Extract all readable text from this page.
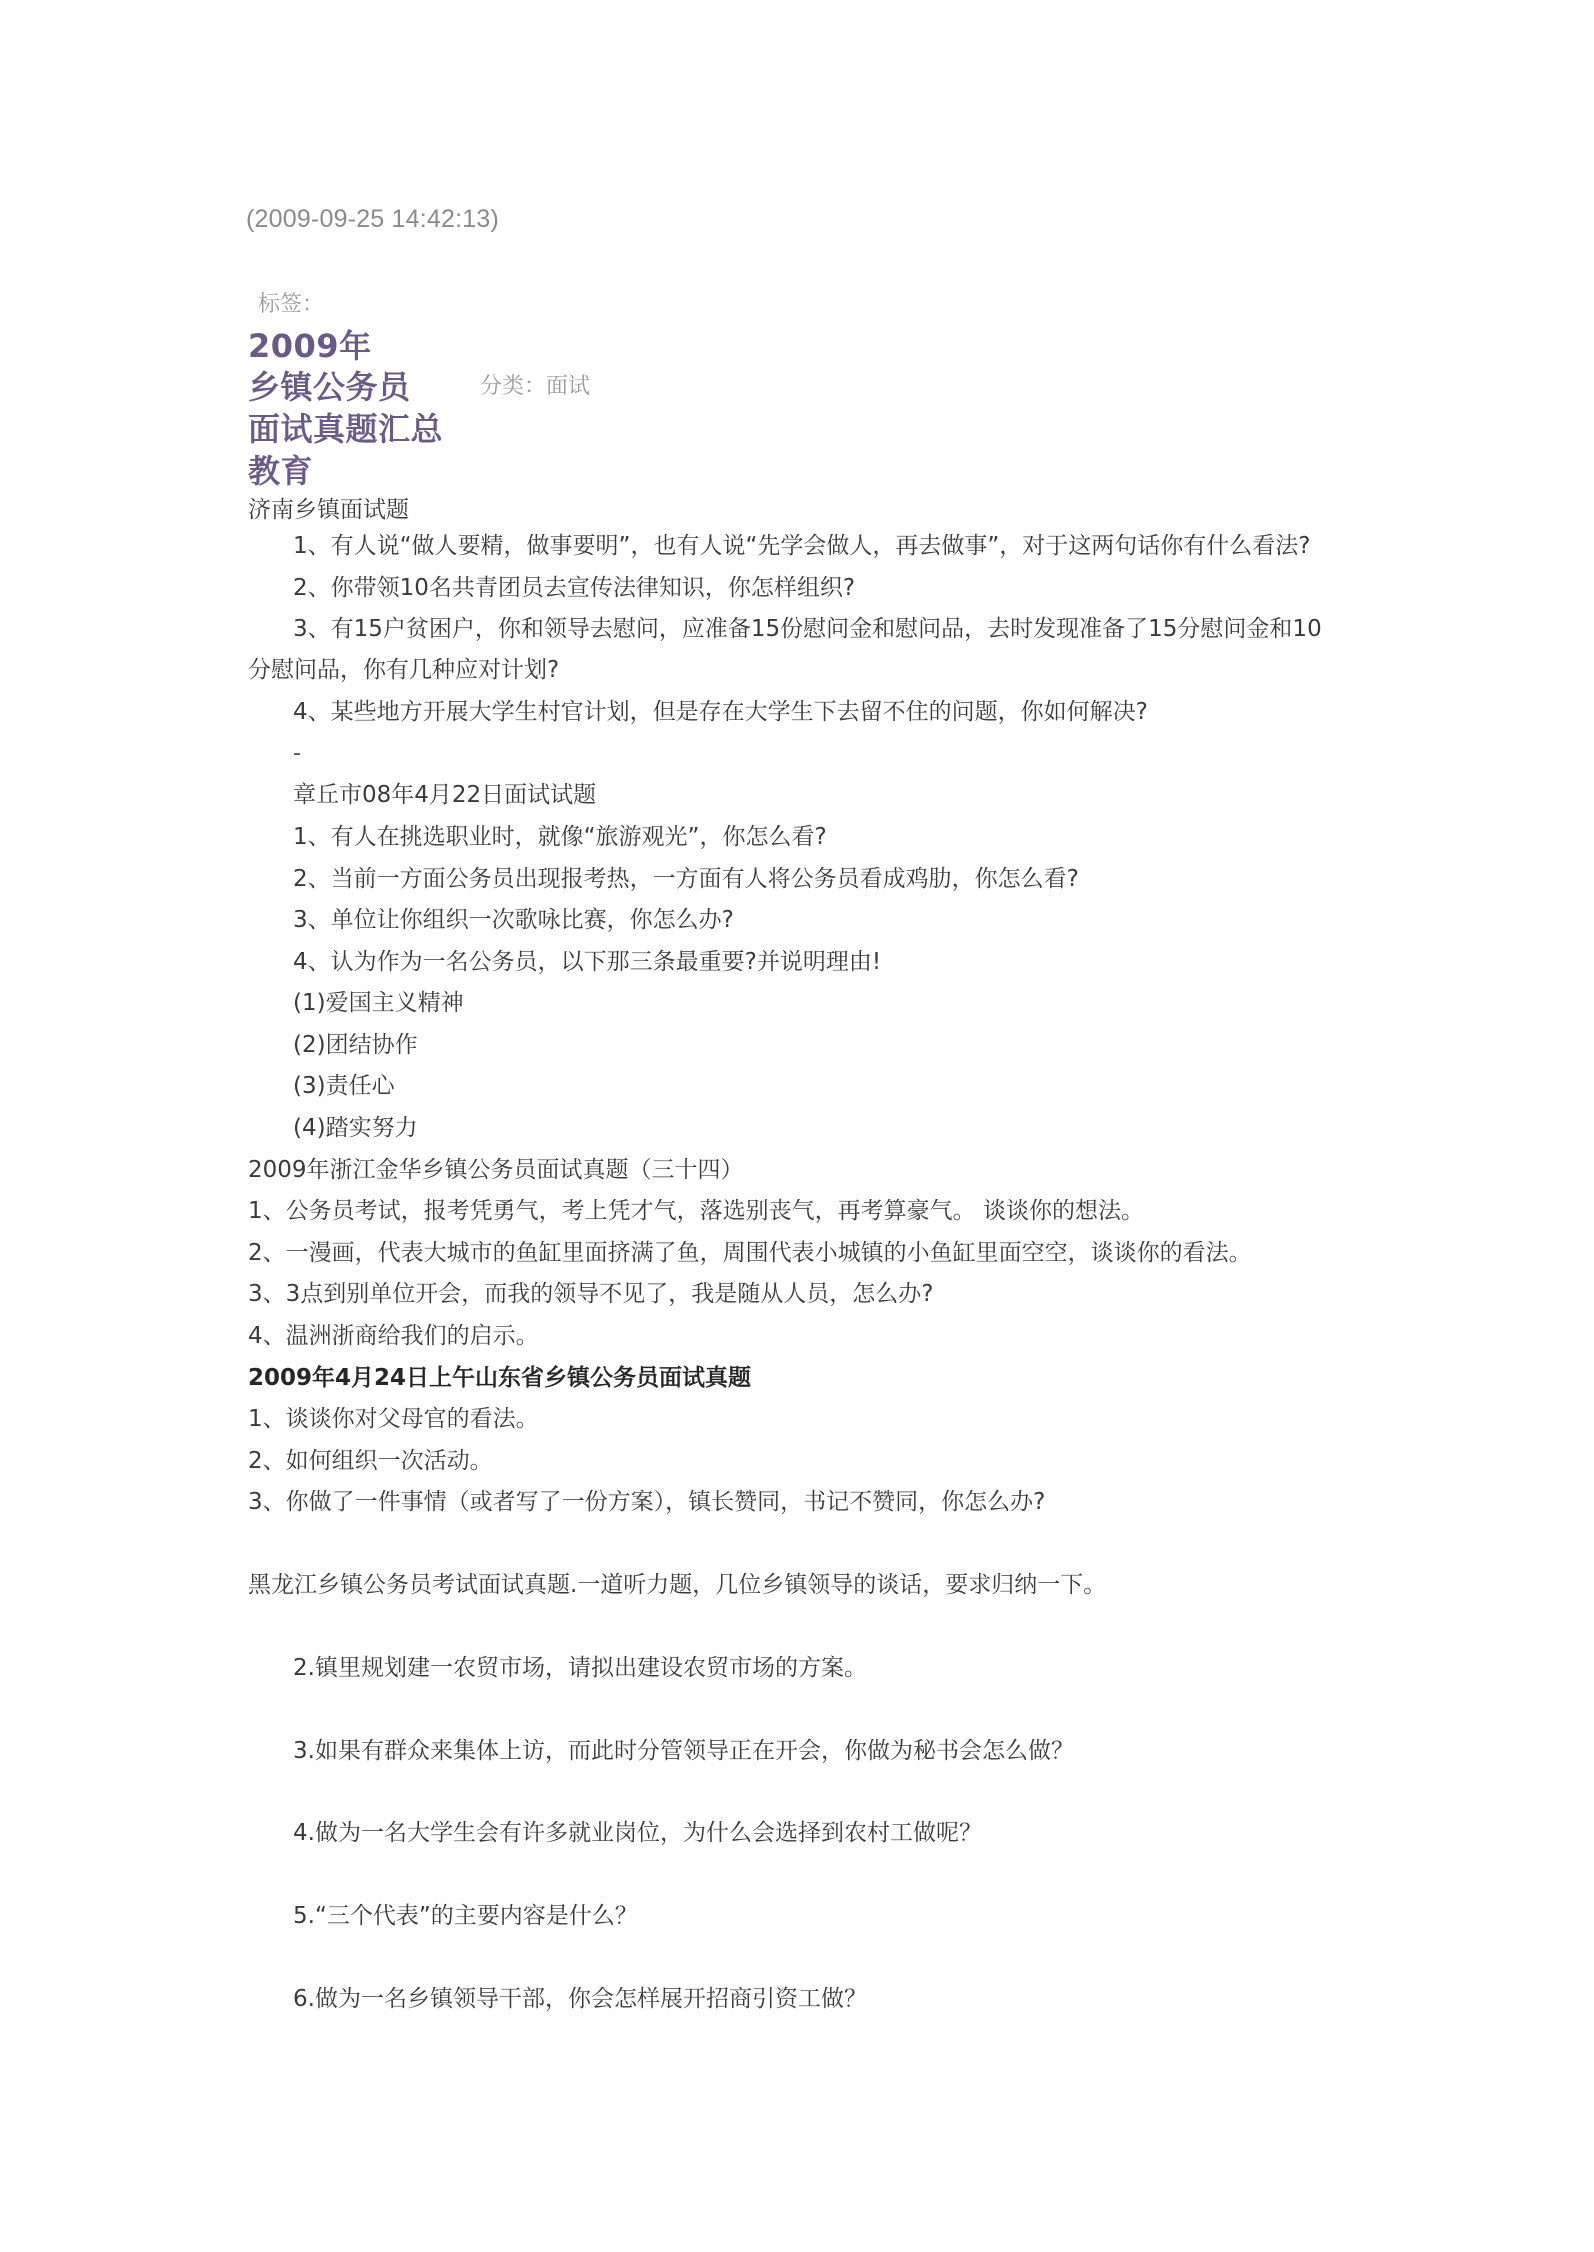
(2009-09-25 14:42:13)
标签：
2009年
乡镇公务员
面试真题汇总
教育
分类：面试
济南乡镇面试题
1、有人说“做人要精，做事要明”，也有人说“先学会做人，再去做事”，对于这两句话你有什么看法?
2、你带领10名共青团员去宣传法律知识，你怎样组织?
3、有15户贫困户，你和领导去慰问，应准备15份慰问金和慰问品，去时发现准备了15分慰问金和10
分慰问品，你有几种应对计划?
4、某些地方开展大学生村官计划，但是存在大学生下去留不住的问题，你如何解决?
-
章丘市08年4月22日面试试题
1、有人在挑选职业时，就像“旅游观光”，你怎么看?
2、当前一方面公务员出现报考热，一方面有人将公务员看成鸡肋，你怎么看?
3、单位让你组织一次歌咏比赛，你怎么办?
4、认为作为一名公务员，以下那三条最重要?并说明理由!
(1)爱国主义精神
(2)团结协作
(3)责任心
(4)踏实努力
2009年浙江金华乡镇公务员面试真题（三十四）
1、公务员考试，报考凭勇气，考上凭才气，落选别丧气，再考算豪气。 谈谈你的想法。
2、一漫画，代表大城市的鱼缸里面挤满了鱼，周围代表小城镇的小鱼缸里面空空，谈谈你的看法。
3、3点到别单位开会，而我的领导不见了，我是随从人员，怎么办?
4、温洲浙商给我们的启示。
2009年4月24日上午山东省乡镇公务员面试真题
1、谈谈你对父母官的看法。
2、如何组织一次活动。
3、你做了一件事情（或者写了一份方案），镇长赞同，书记不赞同，你怎么办?
黑龙江乡镇公务员考试面试真题.一道听力题，几位乡镇领导的谈话，要求归纳一下。
2.镇里规划建一农贸市场，请拟出建设农贸市场的方案。
3.如果有群众来集体上访，而此时分管领导正在开会，你做为秘书会怎么做？
4.做为一名大学生会有许多就业岗位，为什么会选择到农村工做呢？
5.“三个代表”的主要内容是什么？
6.做为一名乡镇领导干部，你会怎样展开招商引资工做？
